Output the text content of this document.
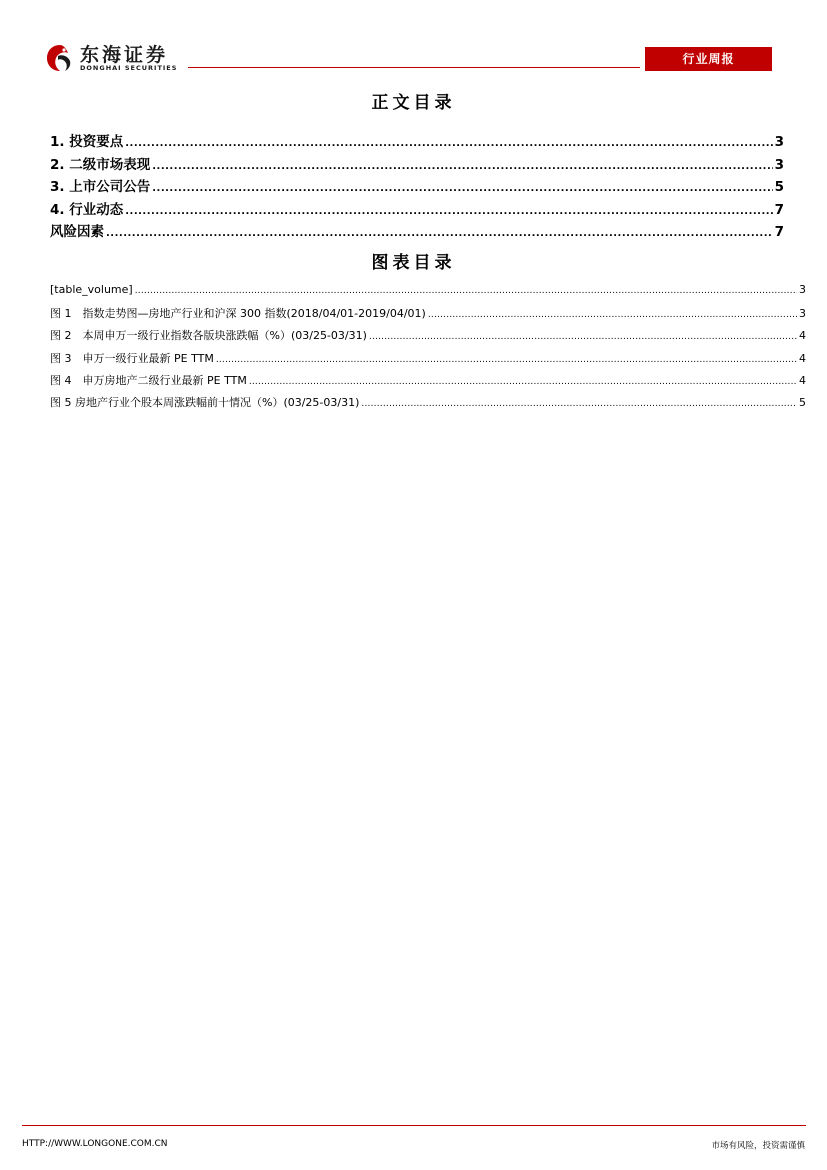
东海证券
DONGHAI SECURITIES
行业周报
正文目录
1. 投资要点 .....	3
2. 二级市场表现 .....	3
3. 上市公司公告 .....	5
4. 行业动态 .....	7
风险因素 .....	7
图表目录
[table_volume] .....	3
图 1　指数走势图—房地产行业和沪深 300 指数(2018/04/01-2019/04/01) .....	3
图 2　本周申万一级行业指数各版块涨跌幅（%）(03/25-03/31) .....	4
图 3　申万一级行业最新 PE TTM .....	4
图 4　申万房地产二级行业最新 PE TTM .....	4
图 5 房地产行业个股本周涨跌幅前十情况（%）(03/25-03/31) .....	5
HTTP://WWW.LONGONE.COM.CN	市场有风险，投资需谨慎
